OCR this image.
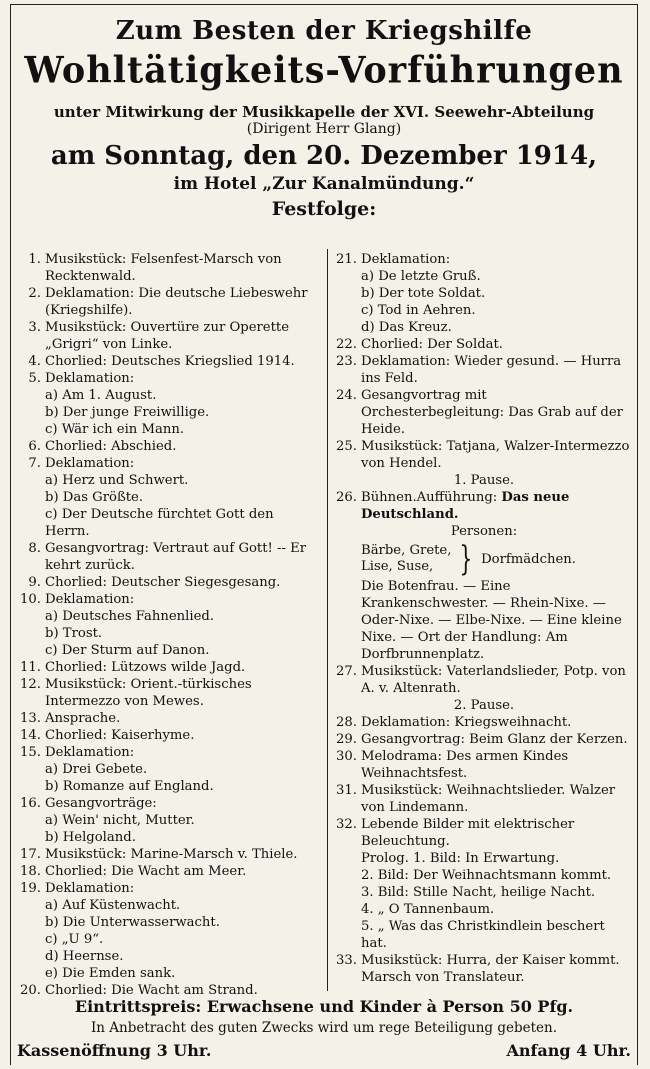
Zum Besten der Kriegshilfe
Wohltätigkeits-Vorführungen
unter Mitwirkung der Musikkapelle der XVI. Seewehr-Abteilung
(Dirigent Herr Glang)
am Sonntag, den 20. Dezember 1914,
im Hotel „Zur Kanalmündung.“
Festfolge:
1. Musikstück: Felsenfest-Marsch von Recktenwald.
2. Deklamation: Die deutsche Liebeswehr (Kriegshilfe).
3. Musikstück: Ouvertüre zur Operette „Grigri“ von Linke.
4. Chorlied: Deutsches Kriegslied 1914.
5. Deklamation:
a) Am 1. August.
b) Der junge Freiwillige.
c) Wär ich ein Mann.
6. Chorlied: Abschied.
7. Deklamation:
a) Herz und Schwert.
b) Das Größte.
c) Der Deutsche fürchtet Gott den Herrn.
8. Gesangvortrag: Vertraut auf Gott! -- Er kehrt zurück.
9. Chorlied: Deutscher Siegesgesang.
10. Deklamation:
a) Deutsches Fahnenlied.
b) Trost.
c) Der Sturm auf Danon.
11. Chorlied: Lützows wilde Jagd.
12. Musikstück: Orient.-türkisches Intermezzo von Mewes.
13. Ansprache.
14. Chorlied: Kaiserhyme.
15. Deklamation:
a) Drei Gebete.
b) Romanze auf England.
16. Gesangvorträge:
a) Wein' nicht, Mutter.
b) Helgoland.
17. Musikstück: Marine-Marsch v. Thiele.
18. Chorlied: Die Wacht am Meer.
19. Deklamation:
a) Auf Küstenwacht.
b) Die Unterwasserwacht.
c) „U 9“.
d) Heernse.
e) Die Emden sank.
20. Chorlied: Die Wacht am Strand.
21. Deklamation:
a) De letzte Gruß.
b) Der tote Soldat.
c) Tod in Aehren.
d) Das Kreuz.
22. Chorlied: Der Soldat.
23. Deklamation: Wieder gesund. — Hurra ins Feld.
24. Gesangvortrag mit Orchesterbegleitung: Das Grab auf der Heide.
25. Musikstück: Tatjana, Walzer-Intermezzo von Hendel.
1. Pause.
26. Bühnen.Aufführung: Das neue Deutschland.
Personen:
Bärbe, Grete,
Lise, Suse, } Dorfmädchen.
Die Botenfrau. — Eine Krankenschwester. — Rhein-Nixe. — Oder-Nixe. — Elbe-Nixe. — Eine kleine Nixe. — Ort der Handlung: Am Dorfbrunnenplatz.
27. Musikstück: Vaterlandslieder, Potp. von A. v. Altenrath.
2. Pause.
28. Deklamation: Kriegsweihnacht.
29. Gesangvortrag: Beim Glanz der Kerzen.
30. Melodrama: Des armen Kindes Weihnachtsfest.
31. Musikstück: Weihnachtslieder. Walzer von Lindemann.
32. Lebende Bilder mit elektrischer Beleuchtung.
Prolog. 1. Bild: In Erwartung.
2. Bild: Der Weihnachtsmann kommt.
3. Bild: Stille Nacht, heilige Nacht.
4. „ O Tannenbaum.
5. „ Was das Christkindlein beschert hat.
33. Musikstück: Hurra, der Kaiser kommt. Marsch von Translateur.
Eintrittspreis: Erwachsene und Kinder à Person 50 Pfg.
In Anbetracht des guten Zwecks wird um rege Beteiligung gebeten.
Kassenöffnung 3 Uhr.	Anfang 4 Uhr.
